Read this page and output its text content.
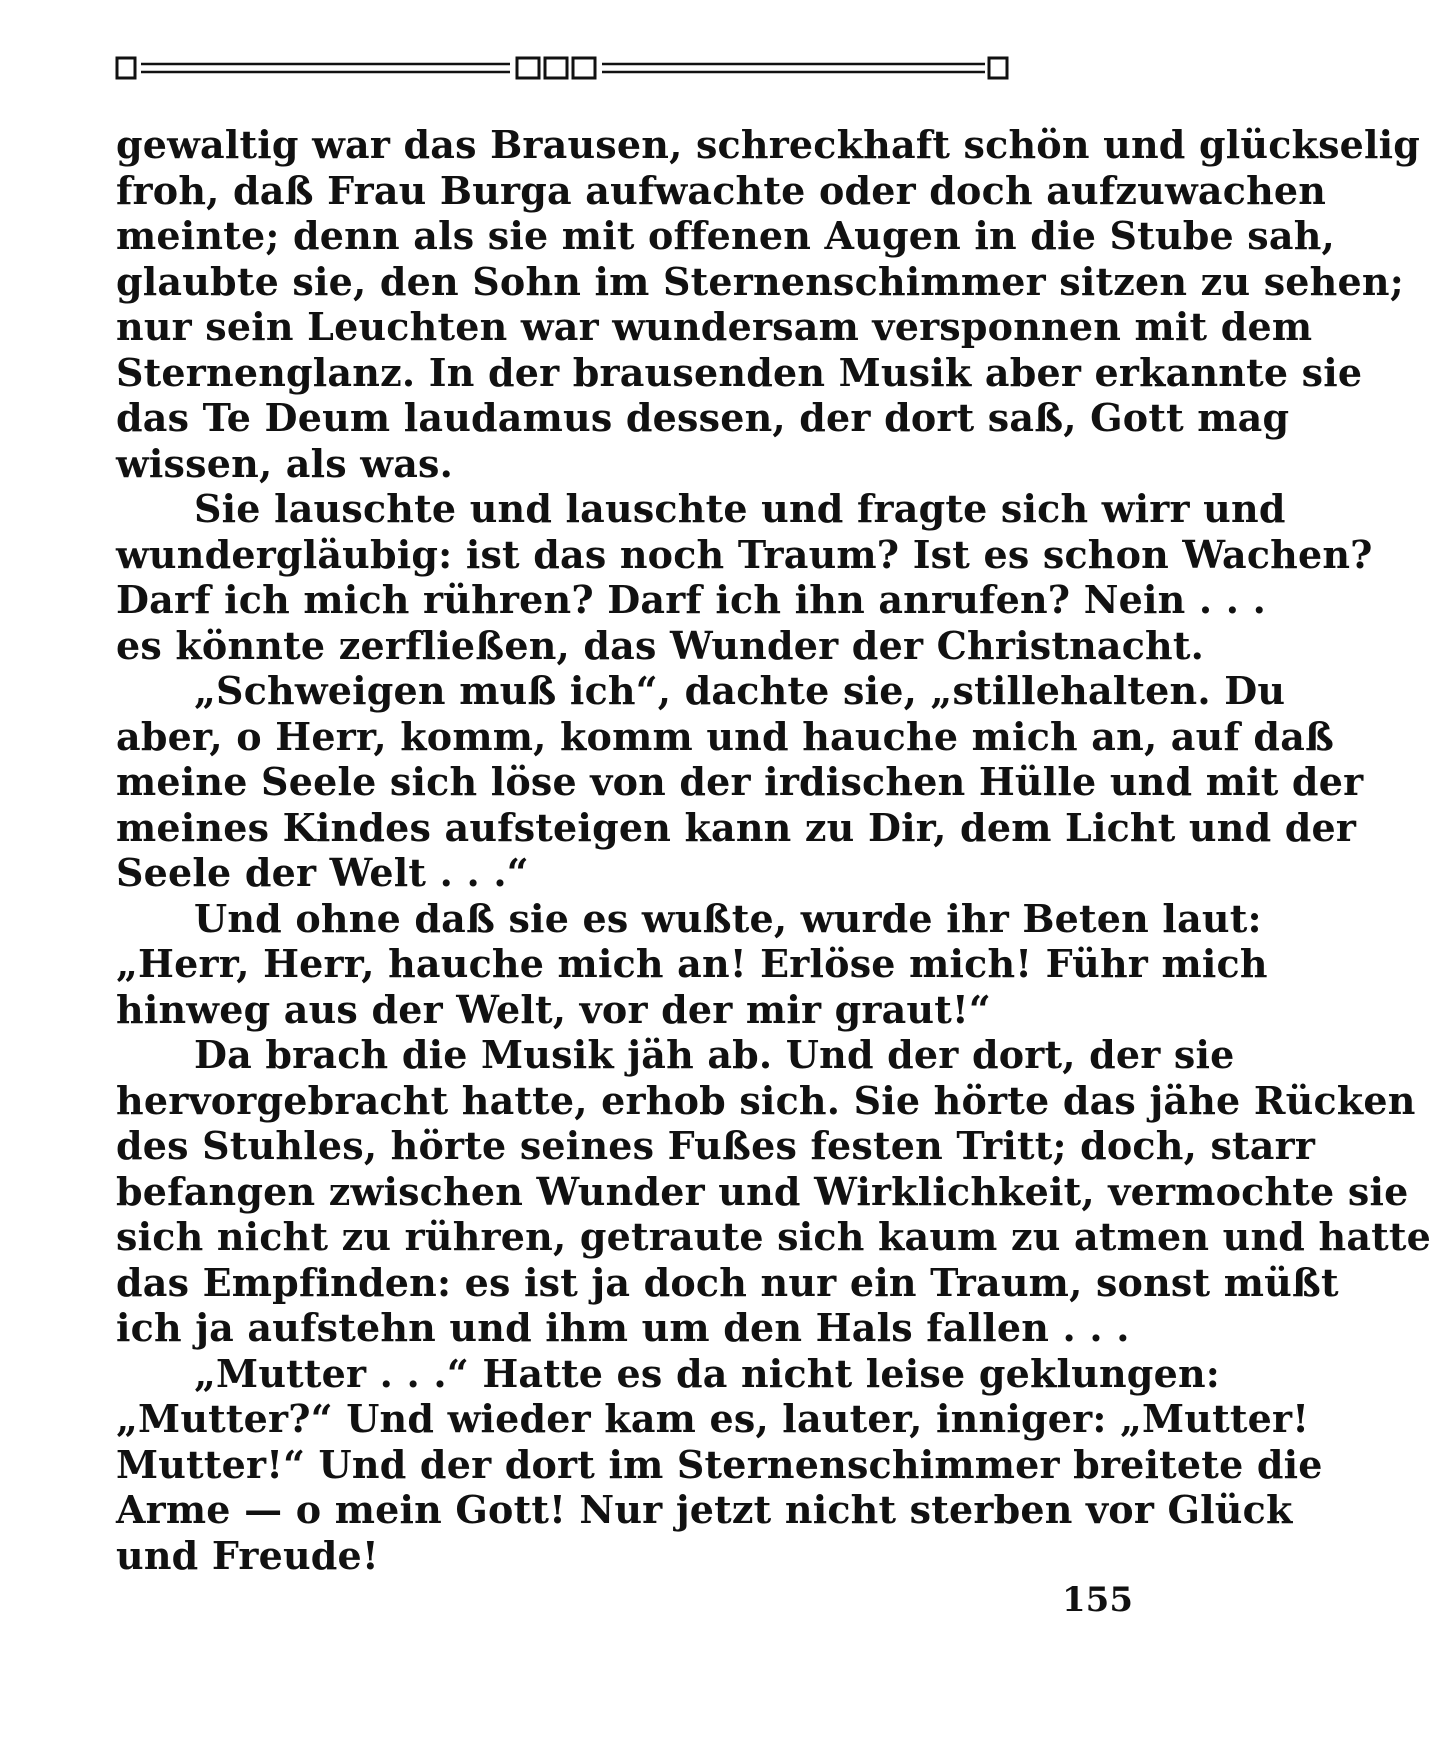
gewaltig war das Brausen, schreckhaft schön und glückselig
froh, daß Frau Burga aufwachte oder doch aufzuwachen
meinte; denn als sie mit offenen Augen in die Stube sah,
glaubte sie, den Sohn im Sternenschimmer sitzen zu sehen;
nur sein Leuchten war wundersam versponnen mit dem
Sternenglanz. In der brausenden Musik aber erkannte sie
das Te Deum laudamus dessen, der dort saß, Gott mag
wissen, als was.
Sie lauschte und lauschte und fragte sich wirr und
wundergläubig: ist das noch Traum? Ist es schon Wachen?
Darf ich mich rühren? Darf ich ihn anrufen? Nein . . .
es könnte zerfließen, das Wunder der Christnacht.
„Schweigen muß ich“, dachte sie, „stillehalten. Du
aber, o Herr, komm, komm und hauche mich an, auf daß
meine Seele sich löse von der irdischen Hülle und mit der
meines Kindes aufsteigen kann zu Dir, dem Licht und der
Seele der Welt . . .“
Und ohne daß sie es wußte, wurde ihr Beten laut:
„Herr, Herr, hauche mich an! Erlöse mich! Führ mich
hinweg aus der Welt, vor der mir graut!“
Da brach die Musik jäh ab. Und der dort, der sie
hervorgebracht hatte, erhob sich. Sie hörte das jähe Rücken
des Stuhles, hörte seines Fußes festen Tritt; doch, starr
befangen zwischen Wunder und Wirklichkeit, vermochte sie
sich nicht zu rühren, getraute sich kaum zu atmen und hatte
das Empfinden: es ist ja doch nur ein Traum, sonst müßt
ich ja aufstehn und ihm um den Hals fallen . . .
„Mutter . . .“ Hatte es da nicht leise geklungen:
„Mutter?“ Und wieder kam es, lauter, inniger: „Mutter!
Mutter!“ Und der dort im Sternenschimmer breitete die
Arme — o mein Gott! Nur jetzt nicht sterben vor Glück
und Freude!
155
